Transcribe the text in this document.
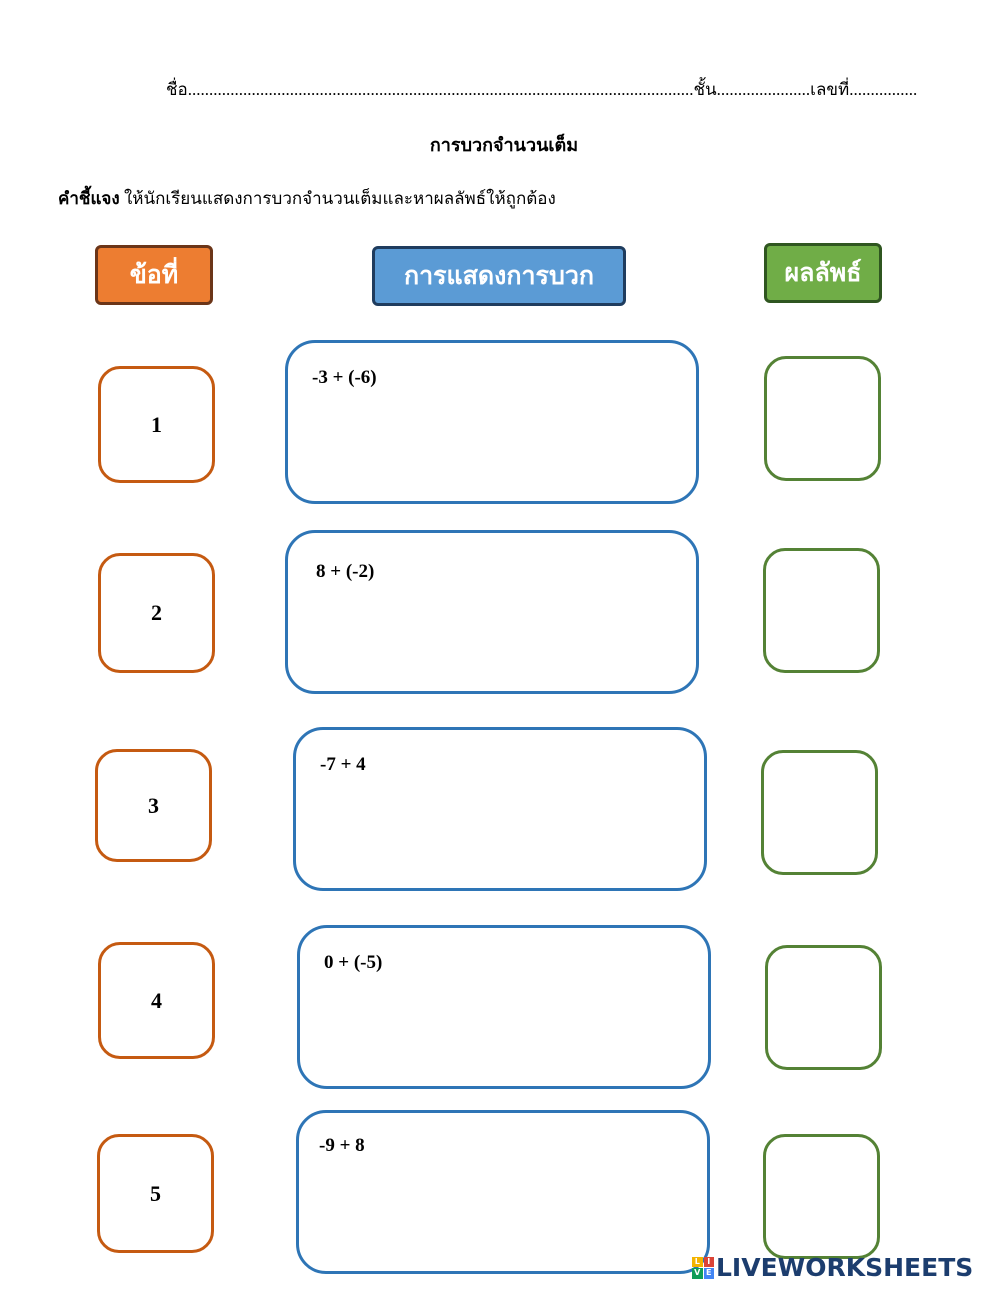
ชื่อ.......................................................................................................................ชั้น......................เลขที่................
การบวกจำนวนเต็ม
คำชี้แจง ให้นักเรียนแสดงการบวกจำนวนเต็มและหาผลลัพธ์ให้ถูกต้อง
ข้อที่	การแสดงการบวก	ผลลัพธ์
1
-3 + (-6)
2
8 + (-2)
3
-7 + 4
4
0 + (-5)
5
-9 + 8
L I
V E LIVEWORKSHEETS
